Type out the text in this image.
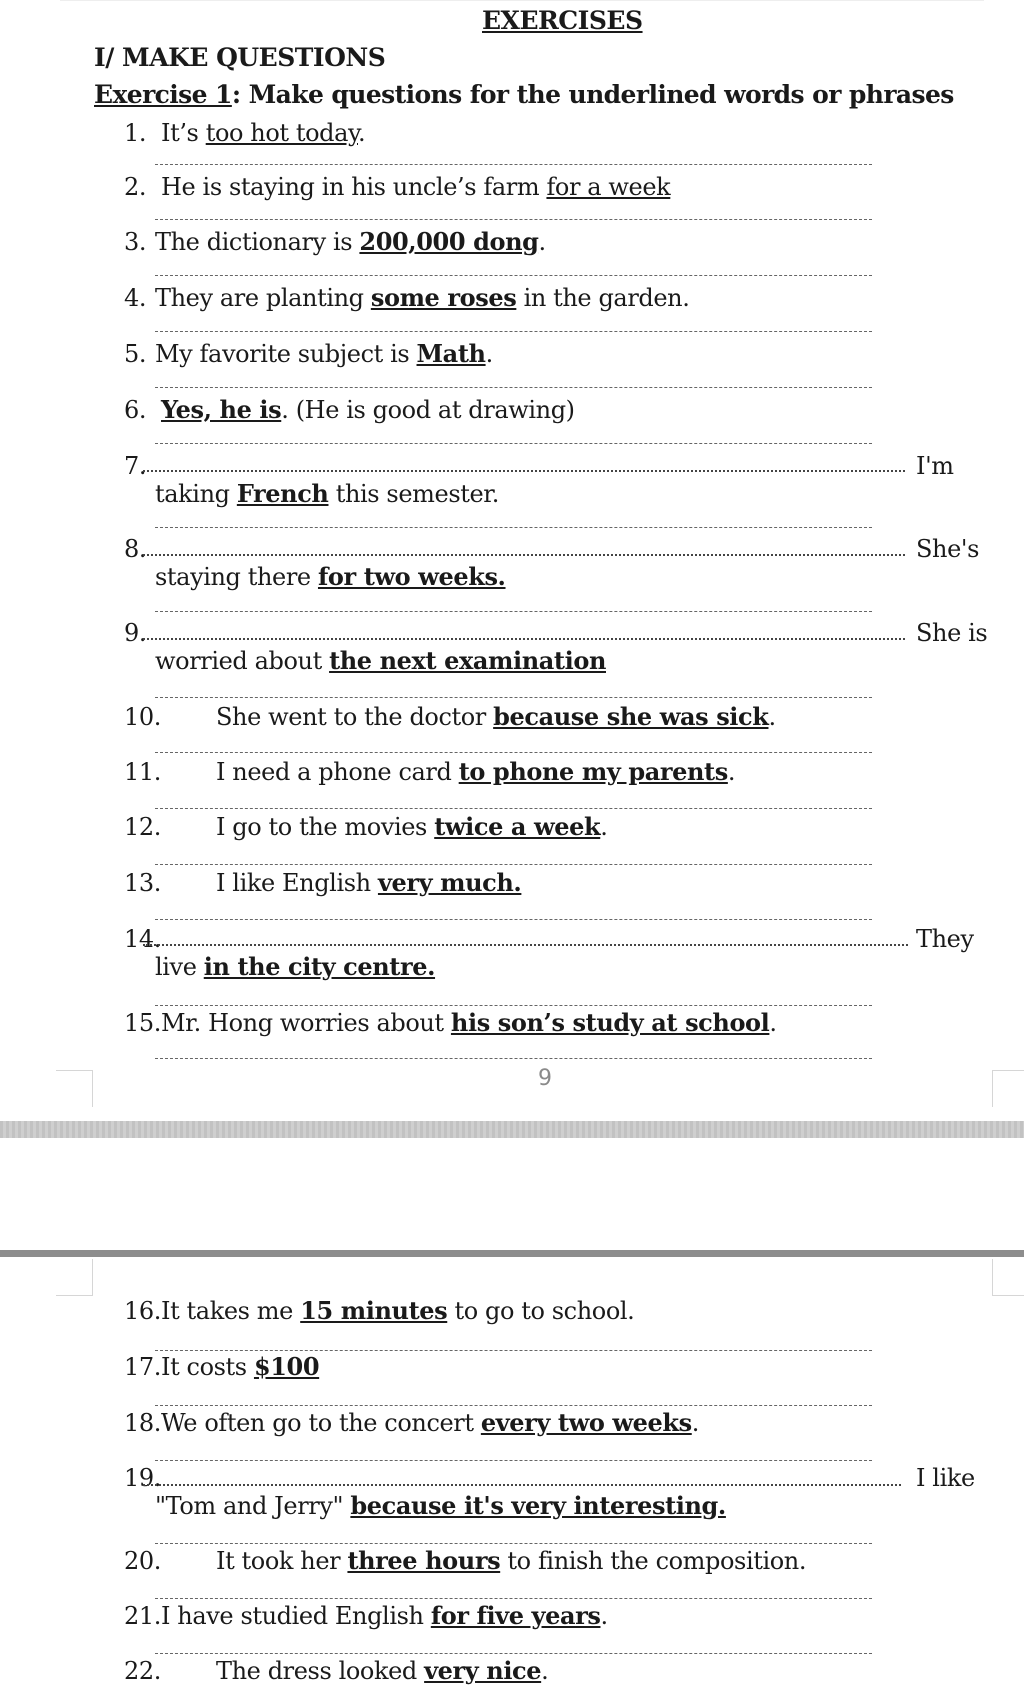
EXERCISES
I/ MAKE QUESTIONS
Exercise 1: Make questions for the underlined words or phrases
1. It’s too hot today.
2. He is staying in his uncle’s farm for a week
3. The dictionary is 200,000 dong.
4. They are planting some roses in the garden.
5. My favorite subject is Math.
6. Yes, he is. (He is good at drawing)
7.	I'm
taking French this semester.
8.	She's
staying there for two weeks.
9.	She is
worried about the next examination
10. She went to the doctor because she was sick.
11. I need a phone card to phone my parents.
12. I go to the movies twice a week.
13. I like English very much.
14.	They
live in the city centre.
15.Mr. Hong worries about his son’s study at school.
9
16.It takes me 15 minutes to go to school.
17.It costs $100
18.We often go to the concert every two weeks.
19.	I like
"Tom and Jerry" because it's very interesting.
20. It took her three hours to finish the composition.
21.I have studied English for five years.
22. The dress looked very nice.
